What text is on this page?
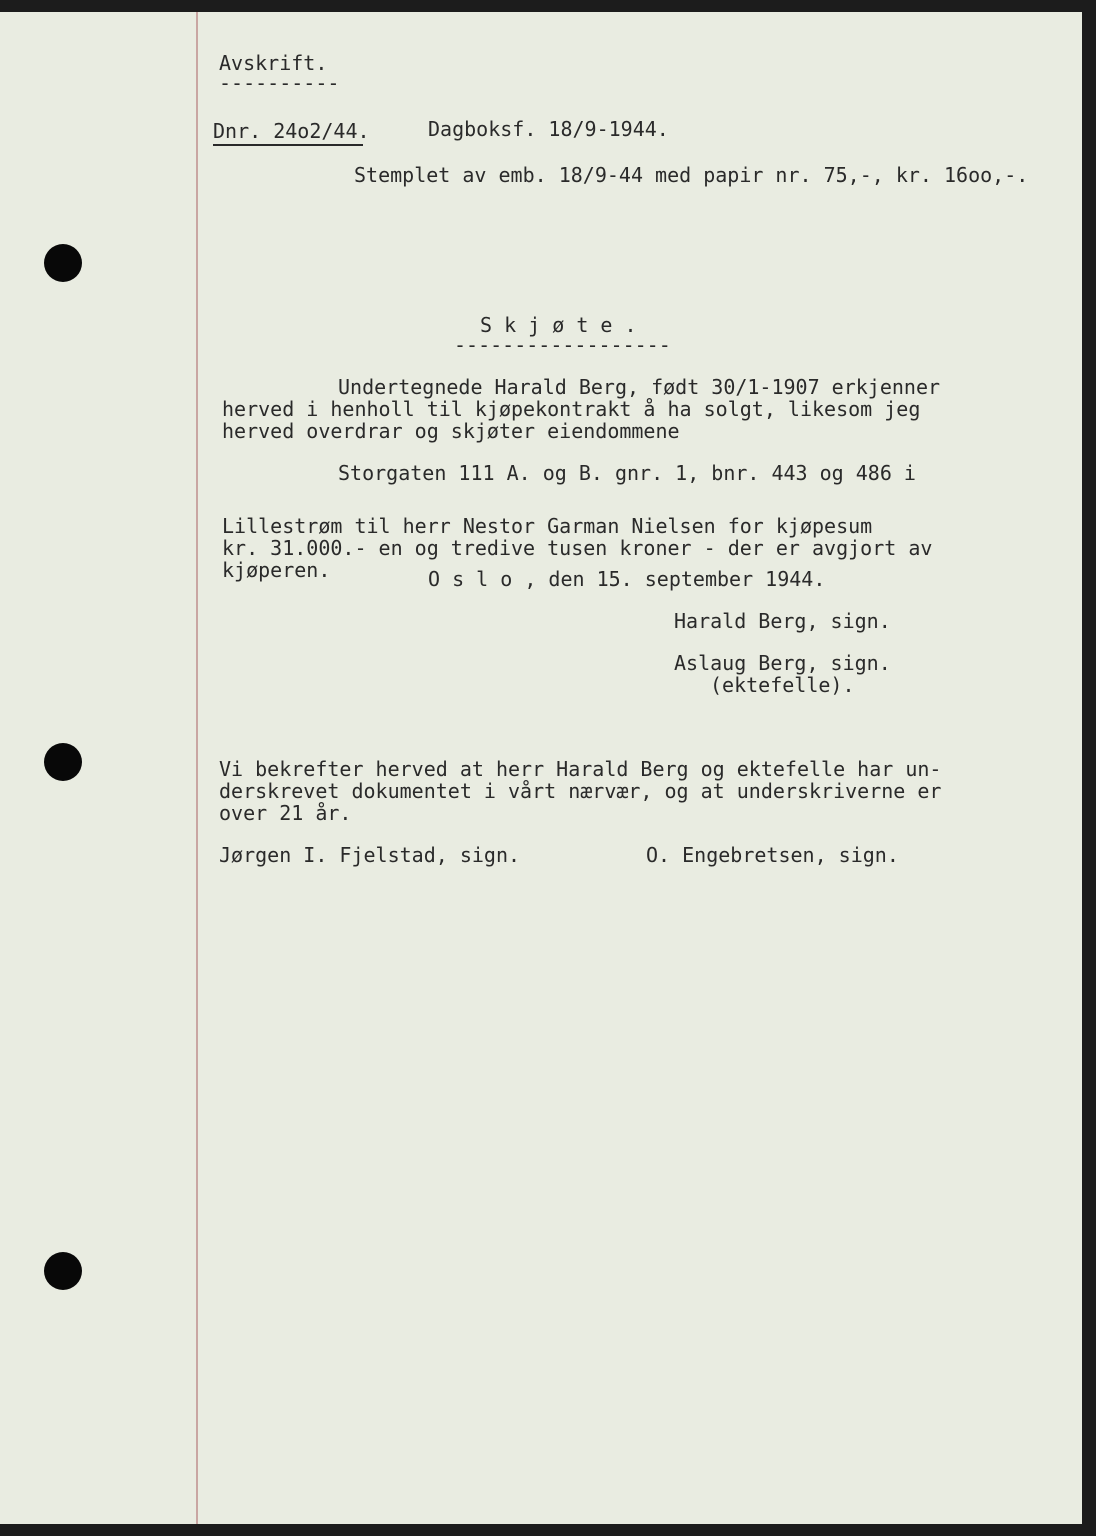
Avskrift.
----------
Dnr. 24o2/44.	Dagboksf. 18/9-1944.
Stemplet av emb. 18/9-44 med papir nr. 75,-, kr. 16oo,-.
S k j ø t e .
------------------
Undertegnede Harald Berg, født 30/1-1907 erkjenner
herved i henholl til kjøpekontrakt å ha solgt, likesom jeg
herved overdrar og skjøter eiendommene
Storgaten 111 A. og B. gnr. 1, bnr. 443 og 486 i
Lillestrøm til herr Nestor Garman Nielsen for kjøpesum
kr. 31.000.- en og tredive tusen kroner - der er avgjort av
kjøperen.	O s l o , den 15. september 1944.
Harald Berg, sign.
Aslaug Berg, sign.
(ektefelle).
Vi bekrefter herved at herr Harald Berg og ektefelle har un-
derskrevet dokumentet i vårt nærvær, og at underskriverne er
over 21 år.
Jørgen I. Fjelstad, sign.	O. Engebretsen, sign.
